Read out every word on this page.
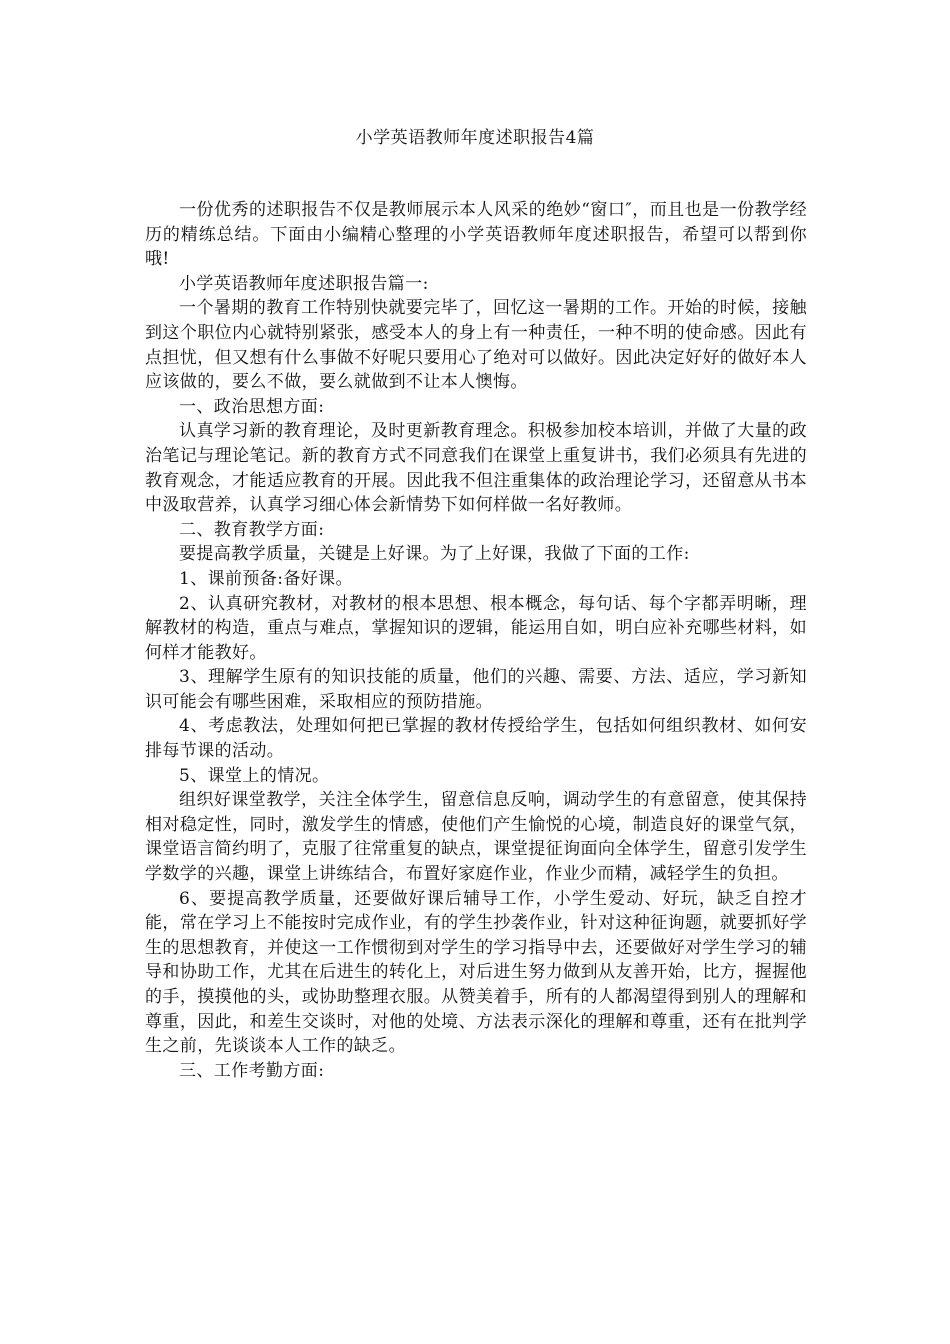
小学英语教师年度述职报告4篇

一份优秀的述职报告不仅是教师展示本人风采的绝妙“窗口″，而且也是一份教学经历的精练总结。下面由小编精心整理的小学英语教师年度述职报告，希望可以帮到你哦!

小学英语教师年度述职报告篇一:

一个暑期的教育工作特别快就要完毕了，回忆这一暑期的工作。开始的时候，接触到这个职位内心就特别紧张，感受本人的身上有一种责任，一种不明的使命感。因此有点担忧，但又想有什么事做不好呢只要用心了绝对可以做好。因此决定好好的做好本人应该做的，要么不做，要么就做到不让本人懊悔。

一、政治思想方面:

认真学习新的教育理论，及时更新教育理念。积极参加校本培训，并做了大量的政治笔记与理论笔记。新的教育方式不同意我们在课堂上重复讲书，我们必须具有先进的教育观念，才能适应教育的开展。因此我不但注重集体的政治理论学习，还留意从书本中汲取营养，认真学习细心体会新情势下如何样做一名好教师。

二、教育教学方面:

要提高教学质量，关键是上好课。为了上好课，我做了下面的工作:

1、课前预备:备好课。

2、认真研究教材，对教材的根本思想、根本概念，每句话、每个字都弄明晰，理解教材的构造，重点与难点，掌握知识的逻辑，能运用自如，明白应补充哪些材料，如何样才能教好。

3、理解学生原有的知识技能的质量，他们的兴趣、需要、方法、适应，学习新知识可能会有哪些困难，采取相应的预防措施。

4、考虑教法，处理如何把已掌握的教材传授给学生，包括如何组织教材、如何安排每节课的活动。

5、课堂上的情况。

组织好课堂教学，关注全体学生，留意信息反响，调动学生的有意留意，使其保持相对稳定性，同时，激发学生的情感，使他们产生愉悦的心境，制造良好的课堂气氛，课堂语言简约明了，克服了往常重复的缺点，课堂提征询面向全体学生，留意引发学生学数学的兴趣，课堂上讲练结合，布置好家庭作业，作业少而精，减轻学生的负担。

6、要提高教学质量，还要做好课后辅导工作，小学生爱动、好玩，缺乏自控才能，常在学习上不能按时完成作业，有的学生抄袭作业，针对这种征询题，就要抓好学生的思想教育，并使这一工作惯彻到对学生的学习指导中去，还要做好对学生学习的辅导和协助工作，尤其在后进生的转化上，对后进生努力做到从友善开始，比方，握握他的手，摸摸他的头，或协助整理衣服。从赞美着手，所有的人都渴望得到别人的理解和尊重，因此，和差生交谈时，对他的处境、方法表示深化的理解和尊重，还有在批判学生之前，先谈谈本人工作的缺乏。

三、工作考勤方面:
